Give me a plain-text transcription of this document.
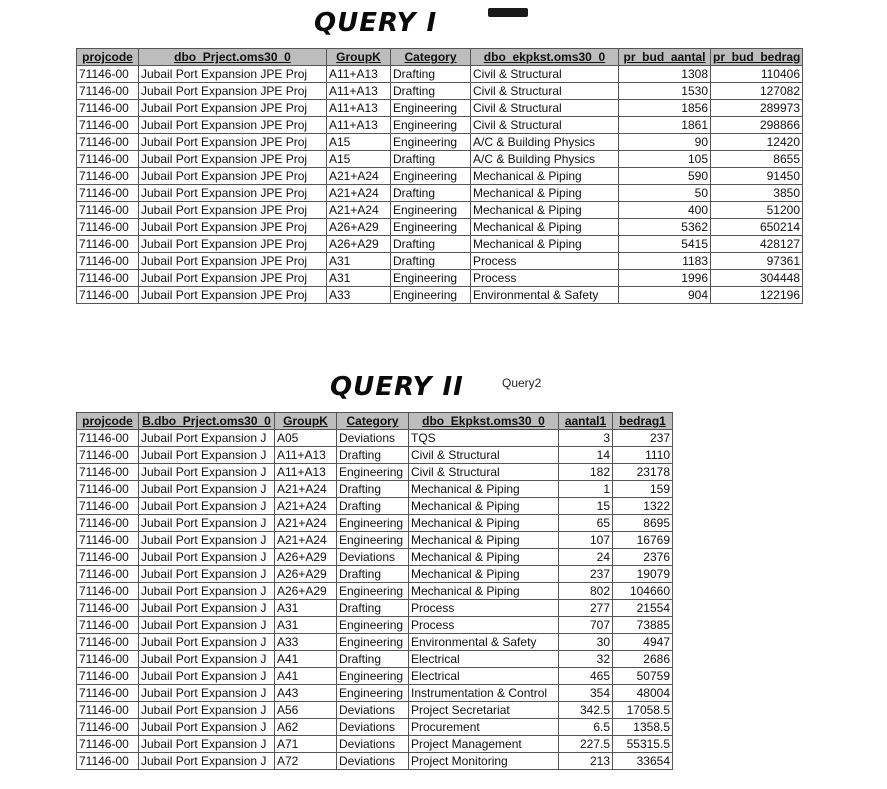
QUERY I
projcode	dbo_Prject.oms30_0	GroupK	Category	dbo_ekpkst.oms30_0	pr_bud_aantal	pr_bud_bedrag
71146-00	Jubail Port Expansion JPE Proj	A11+A13	Drafting	Civil & Structural	1308	110406
71146-00	Jubail Port Expansion JPE Proj	A11+A13	Drafting	Civil & Structural	1530	127082
71146-00	Jubail Port Expansion JPE Proj	A11+A13	Engineering	Civil & Structural	1856	289973
71146-00	Jubail Port Expansion JPE Proj	A11+A13	Engineering	Civil & Structural	1861	298866
71146-00	Jubail Port Expansion JPE Proj	A15	Engineering	A/C & Building Physics	90	12420
71146-00	Jubail Port Expansion JPE Proj	A15	Drafting	A/C & Building Physics	105	8655
71146-00	Jubail Port Expansion JPE Proj	A21+A24	Engineering	Mechanical & Piping	590	91450
71146-00	Jubail Port Expansion JPE Proj	A21+A24	Drafting	Mechanical & Piping	50	3850
71146-00	Jubail Port Expansion JPE Proj	A21+A24	Engineering	Mechanical & Piping	400	51200
71146-00	Jubail Port Expansion JPE Proj	A26+A29	Engineering	Mechanical & Piping	5362	650214
71146-00	Jubail Port Expansion JPE Proj	A26+A29	Drafting	Mechanical & Piping	5415	428127
71146-00	Jubail Port Expansion JPE Proj	A31	Drafting	Process	1183	97361
71146-00	Jubail Port Expansion JPE Proj	A31	Engineering	Process	1996	304448
71146-00	Jubail Port Expansion JPE Proj	A33	Engineering	Environmental & Safety	904	122196
QUERY II	Query2
projcode	B.dbo_Prject.oms30_0	GroupK	Category	dbo_Ekpkst.oms30_0	aantal1	bedrag1
71146-00	Jubail Port Expansion J	A05	Deviations	TQS	3	237
71146-00	Jubail Port Expansion J	A11+A13	Drafting	Civil & Structural	14	1110
71146-00	Jubail Port Expansion J	A11+A13	Engineering	Civil & Structural	182	23178
71146-00	Jubail Port Expansion J	A21+A24	Drafting	Mechanical & Piping	1	159
71146-00	Jubail Port Expansion J	A21+A24	Drafting	Mechanical & Piping	15	1322
71146-00	Jubail Port Expansion J	A21+A24	Engineering	Mechanical & Piping	65	8695
71146-00	Jubail Port Expansion J	A21+A24	Engineering	Mechanical & Piping	107	16769
71146-00	Jubail Port Expansion J	A26+A29	Deviations	Mechanical & Piping	24	2376
71146-00	Jubail Port Expansion J	A26+A29	Drafting	Mechanical & Piping	237	19079
71146-00	Jubail Port Expansion J	A26+A29	Engineering	Mechanical & Piping	802	104660
71146-00	Jubail Port Expansion J	A31	Drafting	Process	277	21554
71146-00	Jubail Port Expansion J	A31	Engineering	Process	707	73885
71146-00	Jubail Port Expansion J	A33	Engineering	Environmental & Safety	30	4947
71146-00	Jubail Port Expansion J	A41	Drafting	Electrical	32	2686
71146-00	Jubail Port Expansion J	A41	Engineering	Electrical	465	50759
71146-00	Jubail Port Expansion J	A43	Engineering	Instrumentation & Control	354	48004
71146-00	Jubail Port Expansion J	A56	Deviations	Project Secretariat	342.5	17058.5
71146-00	Jubail Port Expansion J	A62	Deviations	Procurement	6.5	1358.5
71146-00	Jubail Port Expansion J	A71	Deviations	Project Management	227.5	55315.5
71146-00	Jubail Port Expansion J	A72	Deviations	Project Monitoring	213	33654
